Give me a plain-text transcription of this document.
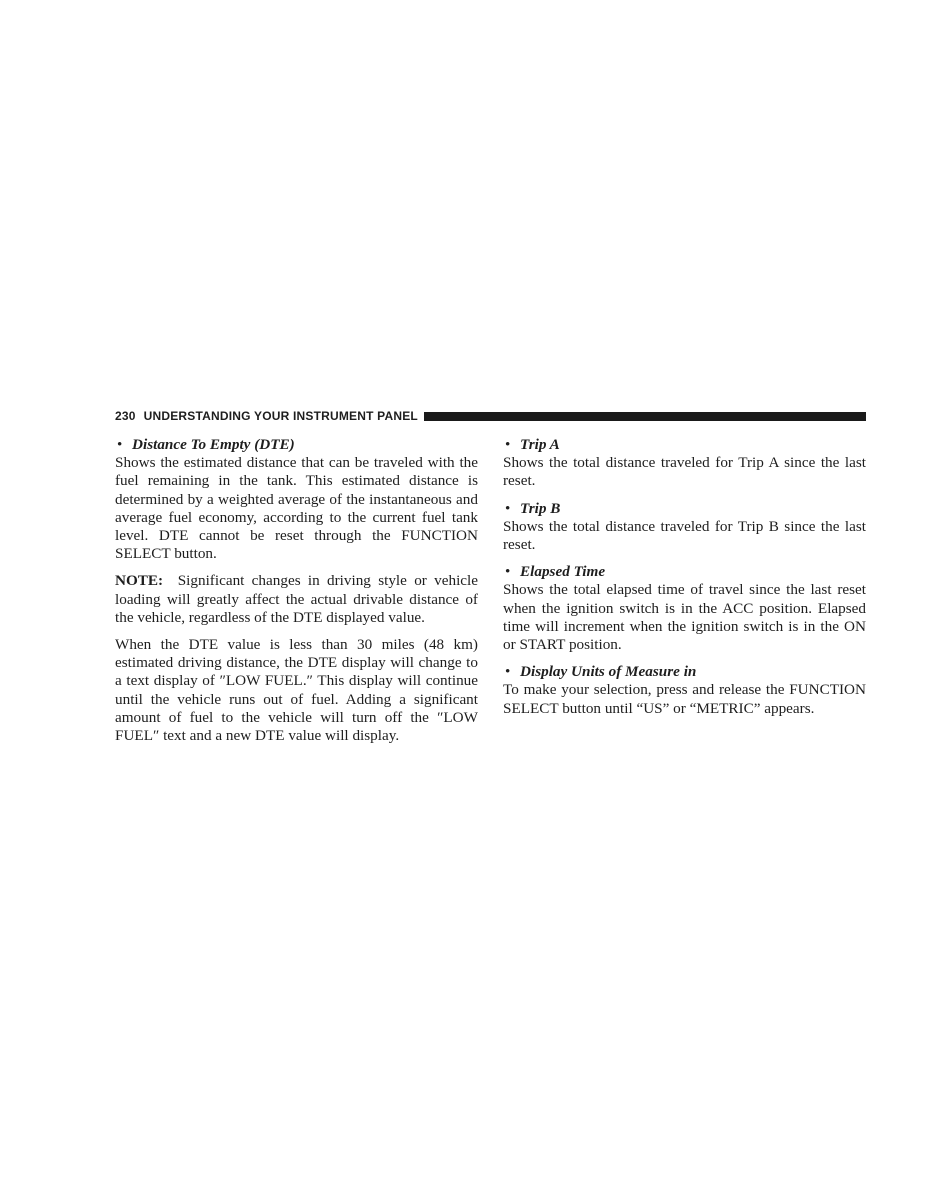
230 UNDERSTANDING YOUR INSTRUMENT PANEL

• Distance To Empty (DTE)

Shows the estimated distance that can be traveled with the fuel remaining in the tank. This estimated distance is determined by a weighted average of the instantaneous and average fuel economy, according to the current fuel tank level. DTE cannot be reset through the FUNCTION SELECT button.

NOTE: Significant changes in driving style or vehicle loading will greatly affect the actual drivable distance of the vehicle, regardless of the DTE displayed value.

When the DTE value is less than 30 miles (48 km) estimated driving distance, the DTE display will change to a text display of ″LOW FUEL.″ This display will continue until the vehicle runs out of fuel. Adding a significant amount of fuel to the vehicle will turn off the ″LOW FUEL″ text and a new DTE value will display.

• Trip A

Shows the total distance traveled for Trip A since the last reset.

• Trip B

Shows the total distance traveled for Trip B since the last reset.

• Elapsed Time

Shows the total elapsed time of travel since the last reset when the ignition switch is in the ACC position. Elapsed time will increment when the ignition switch is in the ON or START position.

• Display Units of Measure in

To make your selection, press and release the FUNCTION SELECT button until “US” or “METRIC” appears.
